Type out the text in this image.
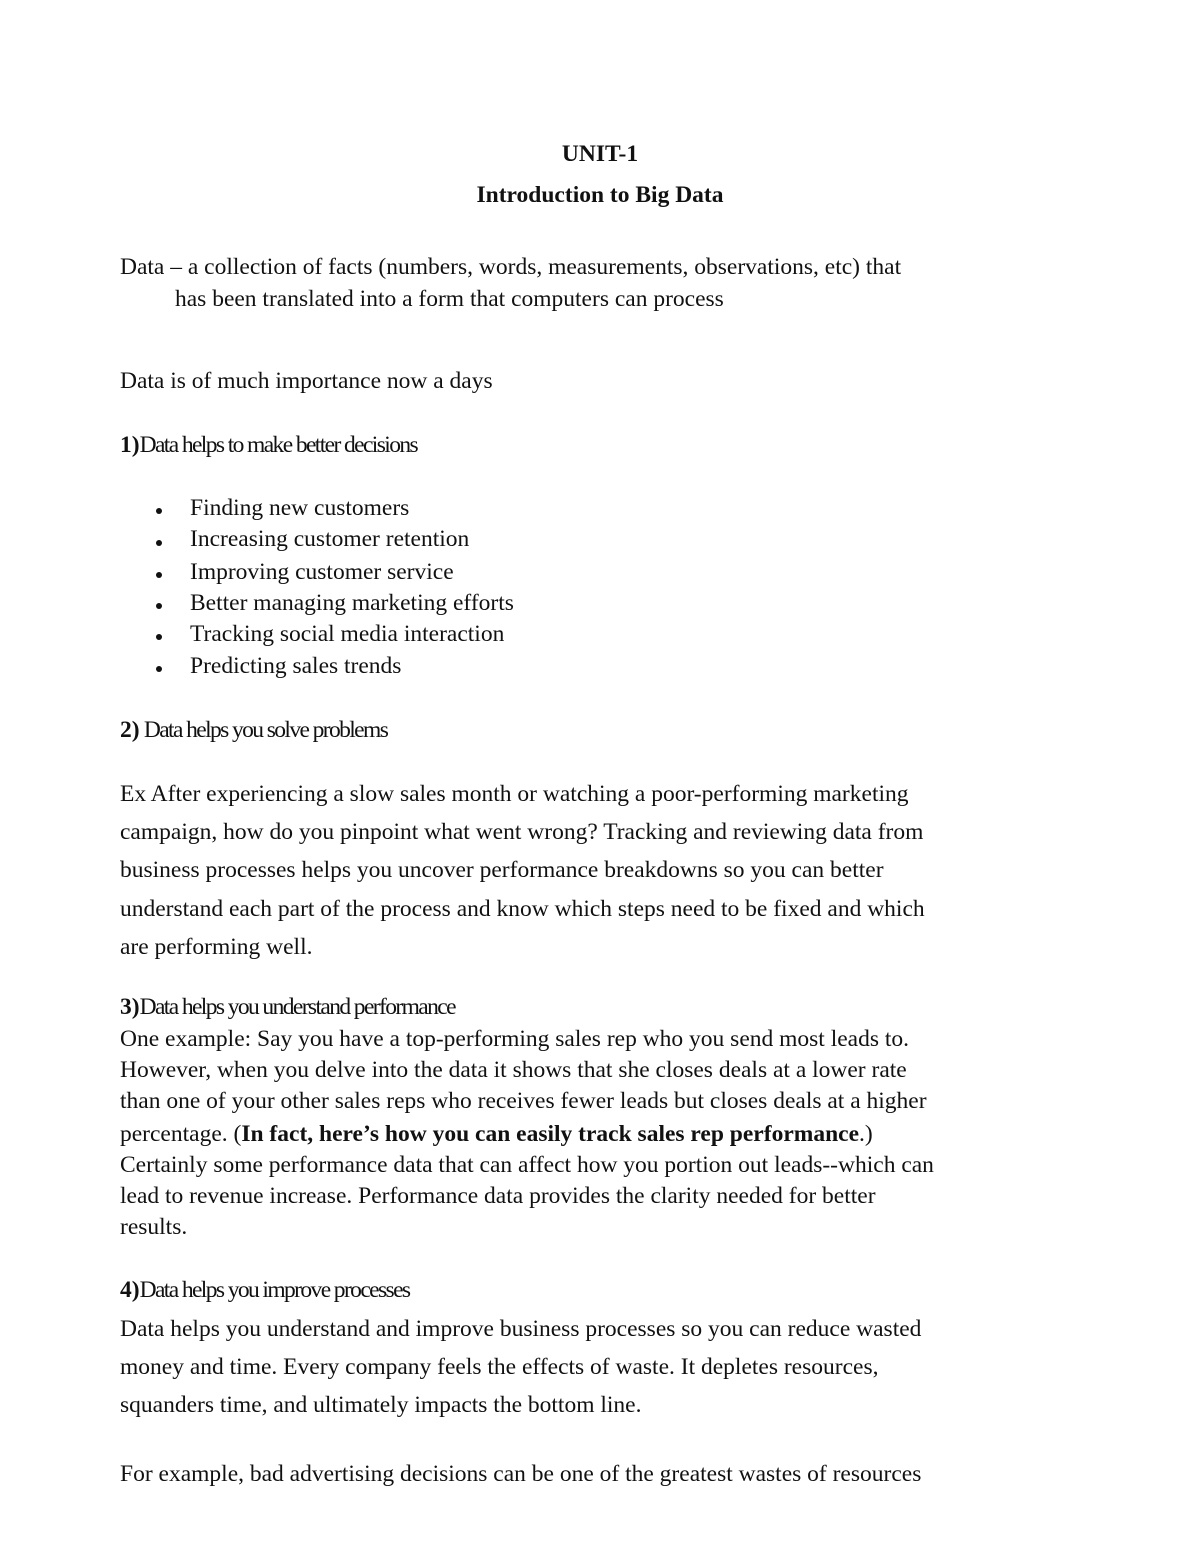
UNIT-1
Introduction to Big Data
Data – a collection of facts (numbers, words, measurements, observations, etc) that
has been translated into a form that computers can process
Data is of much importance now a days
1)Data helps to make better decisions
Finding new customers
Increasing customer retention
Improving customer service
Better managing marketing efforts
Tracking social media interaction
Predicting sales trends
2) Data helps you solve problems
Ex After experiencing a slow sales month or watching a poor-performing marketing
campaign, how do you pinpoint what went wrong? Tracking and reviewing data from
business processes helps you uncover performance breakdowns so you can better
understand each part of the process and know which steps need to be fixed and which
are performing well.
3)Data helps you understand performance
One example: Say you have a top-performing sales rep who you send most leads to.
However, when you delve into the data it shows that she closes deals at a lower rate
than one of your other sales reps who receives fewer leads but closes deals at a higher
percentage. (In fact, here’s how you can easily track sales rep performance.)
Certainly some performance data that can affect how you portion out leads--which can
lead to revenue increase. Performance data provides the clarity needed for better
results.
4)Data helps you improve processes
Data helps you understand and improve business processes so you can reduce wasted
money and time. Every company feels the effects of waste. It depletes resources,
squanders time, and ultimately impacts the bottom line.
For example, bad advertising decisions can be one of the greatest wastes of resources
